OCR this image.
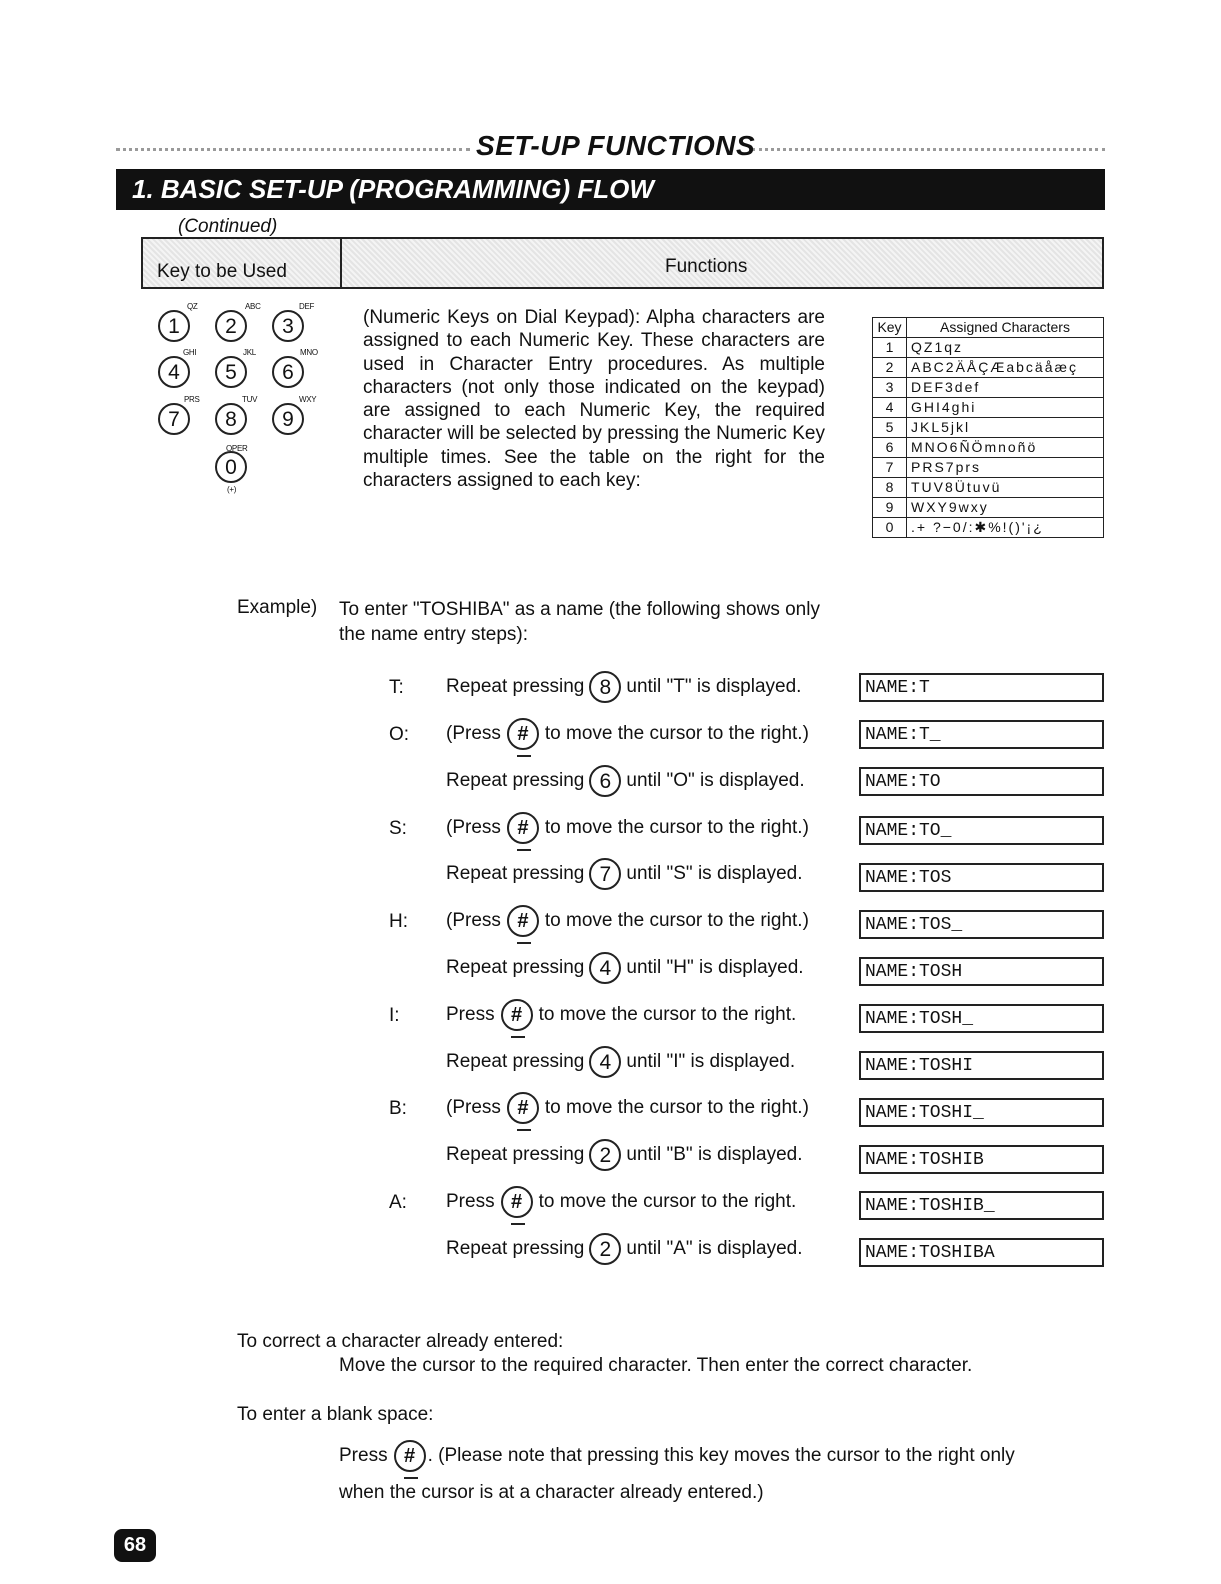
SET-UP FUNCTIONS
1. BASIC SET-UP (PROGRAMMING) FLOW
(Continued)
Key to be Used	Functions
1
QZ
2
ABC
3
DEF
4
GHI
5
JKL
6
MNO
7
PRS
8
TUV
9
WXY
0
OPER
(+)
(Numeric Keys on Dial Keypad): Alpha characters are assigned to each Numeric Key. These characters are used in Character Entry procedures. As multiple characters (not only those indicated on the keypad) are assigned to each Numeric Key, the required character will be selected by pressing the Numeric Key multiple times. See the table on the right for the characters assigned to each key:
Key	Assigned Characters
1	QZ1qz
2	ABC2ÄÅÇÆabcäåæç
3	DEF3def
4	GHI4ghi
5	JKL5jkl
6	MNO6ÑÖmnoñö
7	PRS7prs
8	TUV8Ütuvü
9	WXY9wxy
0	.+ ?−0/:✱%!()'¡¿
Example) To enter "TOSHIBA" as a name (the following shows only the name entry steps):
T: Repeat pressing 8 until "T" is displayed.	NAME:T
O: (Press # to move the cursor to the right.)	NAME:T_
Repeat pressing 6 until "O" is displayed.	NAME:TO
S: (Press # to move the cursor to the right.)	NAME:TO_
Repeat pressing 7 until "S" is displayed.	NAME:TOS
H: (Press # to move the cursor to the right.)	NAME:TOS_
Repeat pressing 4 until "H" is displayed.	NAME:TOSH
I: Press # to move the cursor to the right.	NAME:TOSH_
Repeat pressing 4 until "I" is displayed.	NAME:TOSHI
B: (Press # to move the cursor to the right.)	NAME:TOSHI_
Repeat pressing 2 until "B" is displayed.	NAME:TOSHIB
A: Press # to move the cursor to the right.	NAME:TOSHIB_
Repeat pressing 2 until "A" is displayed.	NAME:TOSHIBA
To correct a character already entered:
Move the cursor to the required character. Then enter the correct character.
To enter a blank space:
Press # . (Please note that pressing this key moves the cursor to the right only
when the cursor is at a character already entered.)
68
